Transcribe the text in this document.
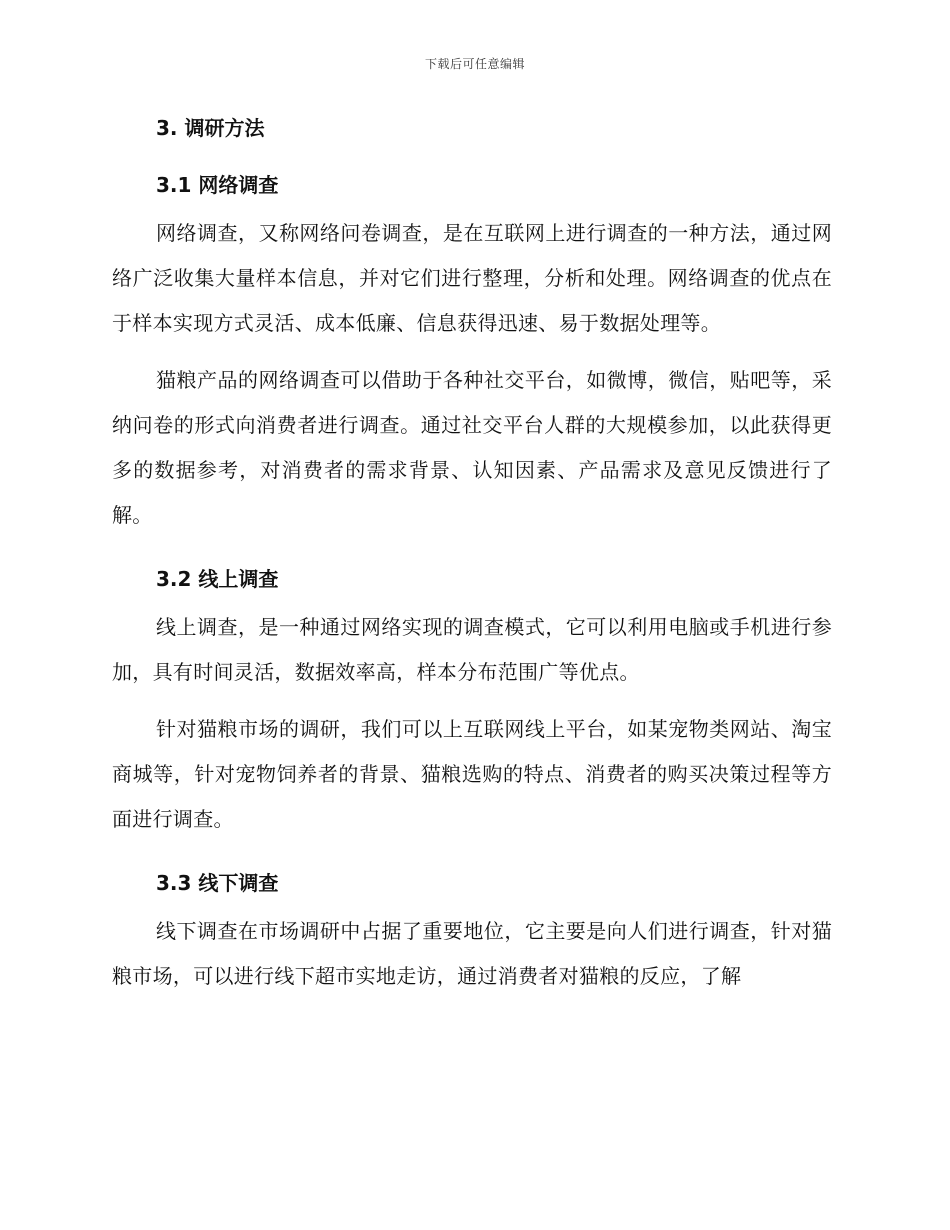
下载后可任意编辑
3. 调研方法
3.1 网络调查

网络调查，又称网络问卷调查，是在互联网上进行调查的一种方法，通过网络广泛收集大量样本信息，并对它们进行整理，分析和处理。网络调查的优点在于样本实现方式灵活、成本低廉、信息获得迅速、易于数据处理等。

猫粮产品的网络调查可以借助于各种社交平台，如微博，微信，贴吧等，采纳问卷的形式向消费者进行调查。通过社交平台人群的大规模参加，以此获得更多的数据参考，对消费者的需求背景、认知因素、产品需求及意见反馈进行了解。

3.2 线上调查

线上调查，是一种通过网络实现的调查模式，它可以利用电脑或手机进行参加，具有时间灵活，数据效率高，样本分布范围广等优点。

针对猫粮市场的调研，我们可以上互联网线上平台，如某宠物类网站、淘宝商城等，针对宠物饲养者的背景、猫粮选购的特点、消费者的购买决策过程等方面进行调查。

3.3 线下调查

线下调查在市场调研中占据了重要地位，它主要是向人们进行调查，针对猫粮市场，可以进行线下超市实地走访，通过消费者对猫粮的反应，了解
